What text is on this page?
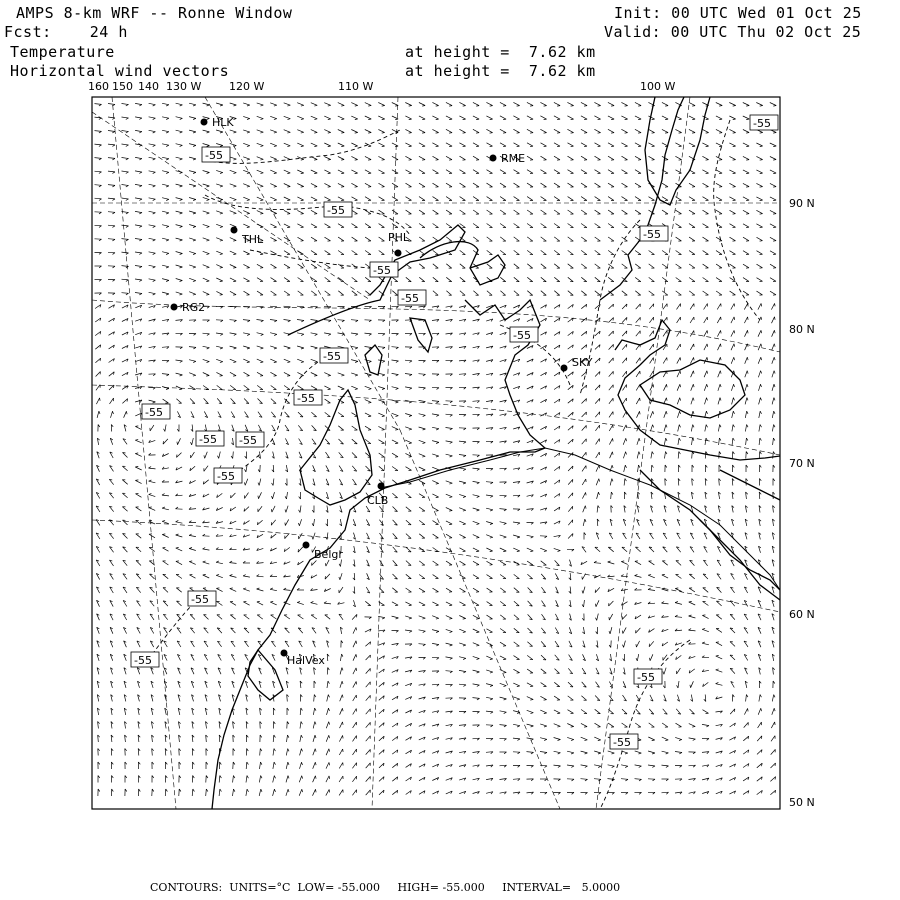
AMPS 8-km WRF -- Ronne Window
Fcst:    24 h
Temperature
Horizontal wind vectors
Init: 00 UTC Wed 01 Oct 25
Valid: 00 UTC Thu 02 Oct 25
at height =  7.62 km
at height =  7.62 km
160 150 140 130 W	120 W	110 W	100 W
90 N
80 N
70 N
60 N
50 N
-55
-55
-55
-55
-55
-55
-55
-55 -55
-55
-55
-55
-55
-55
-55
-55
-55
HLK
RME
THL	PHL
RG2
SKY
CLB
Belgr
HalVex
CONTOURS:  UNITS=°C  LOW= -55.000     HIGH= -55.000     INTERVAL=   5.0000
